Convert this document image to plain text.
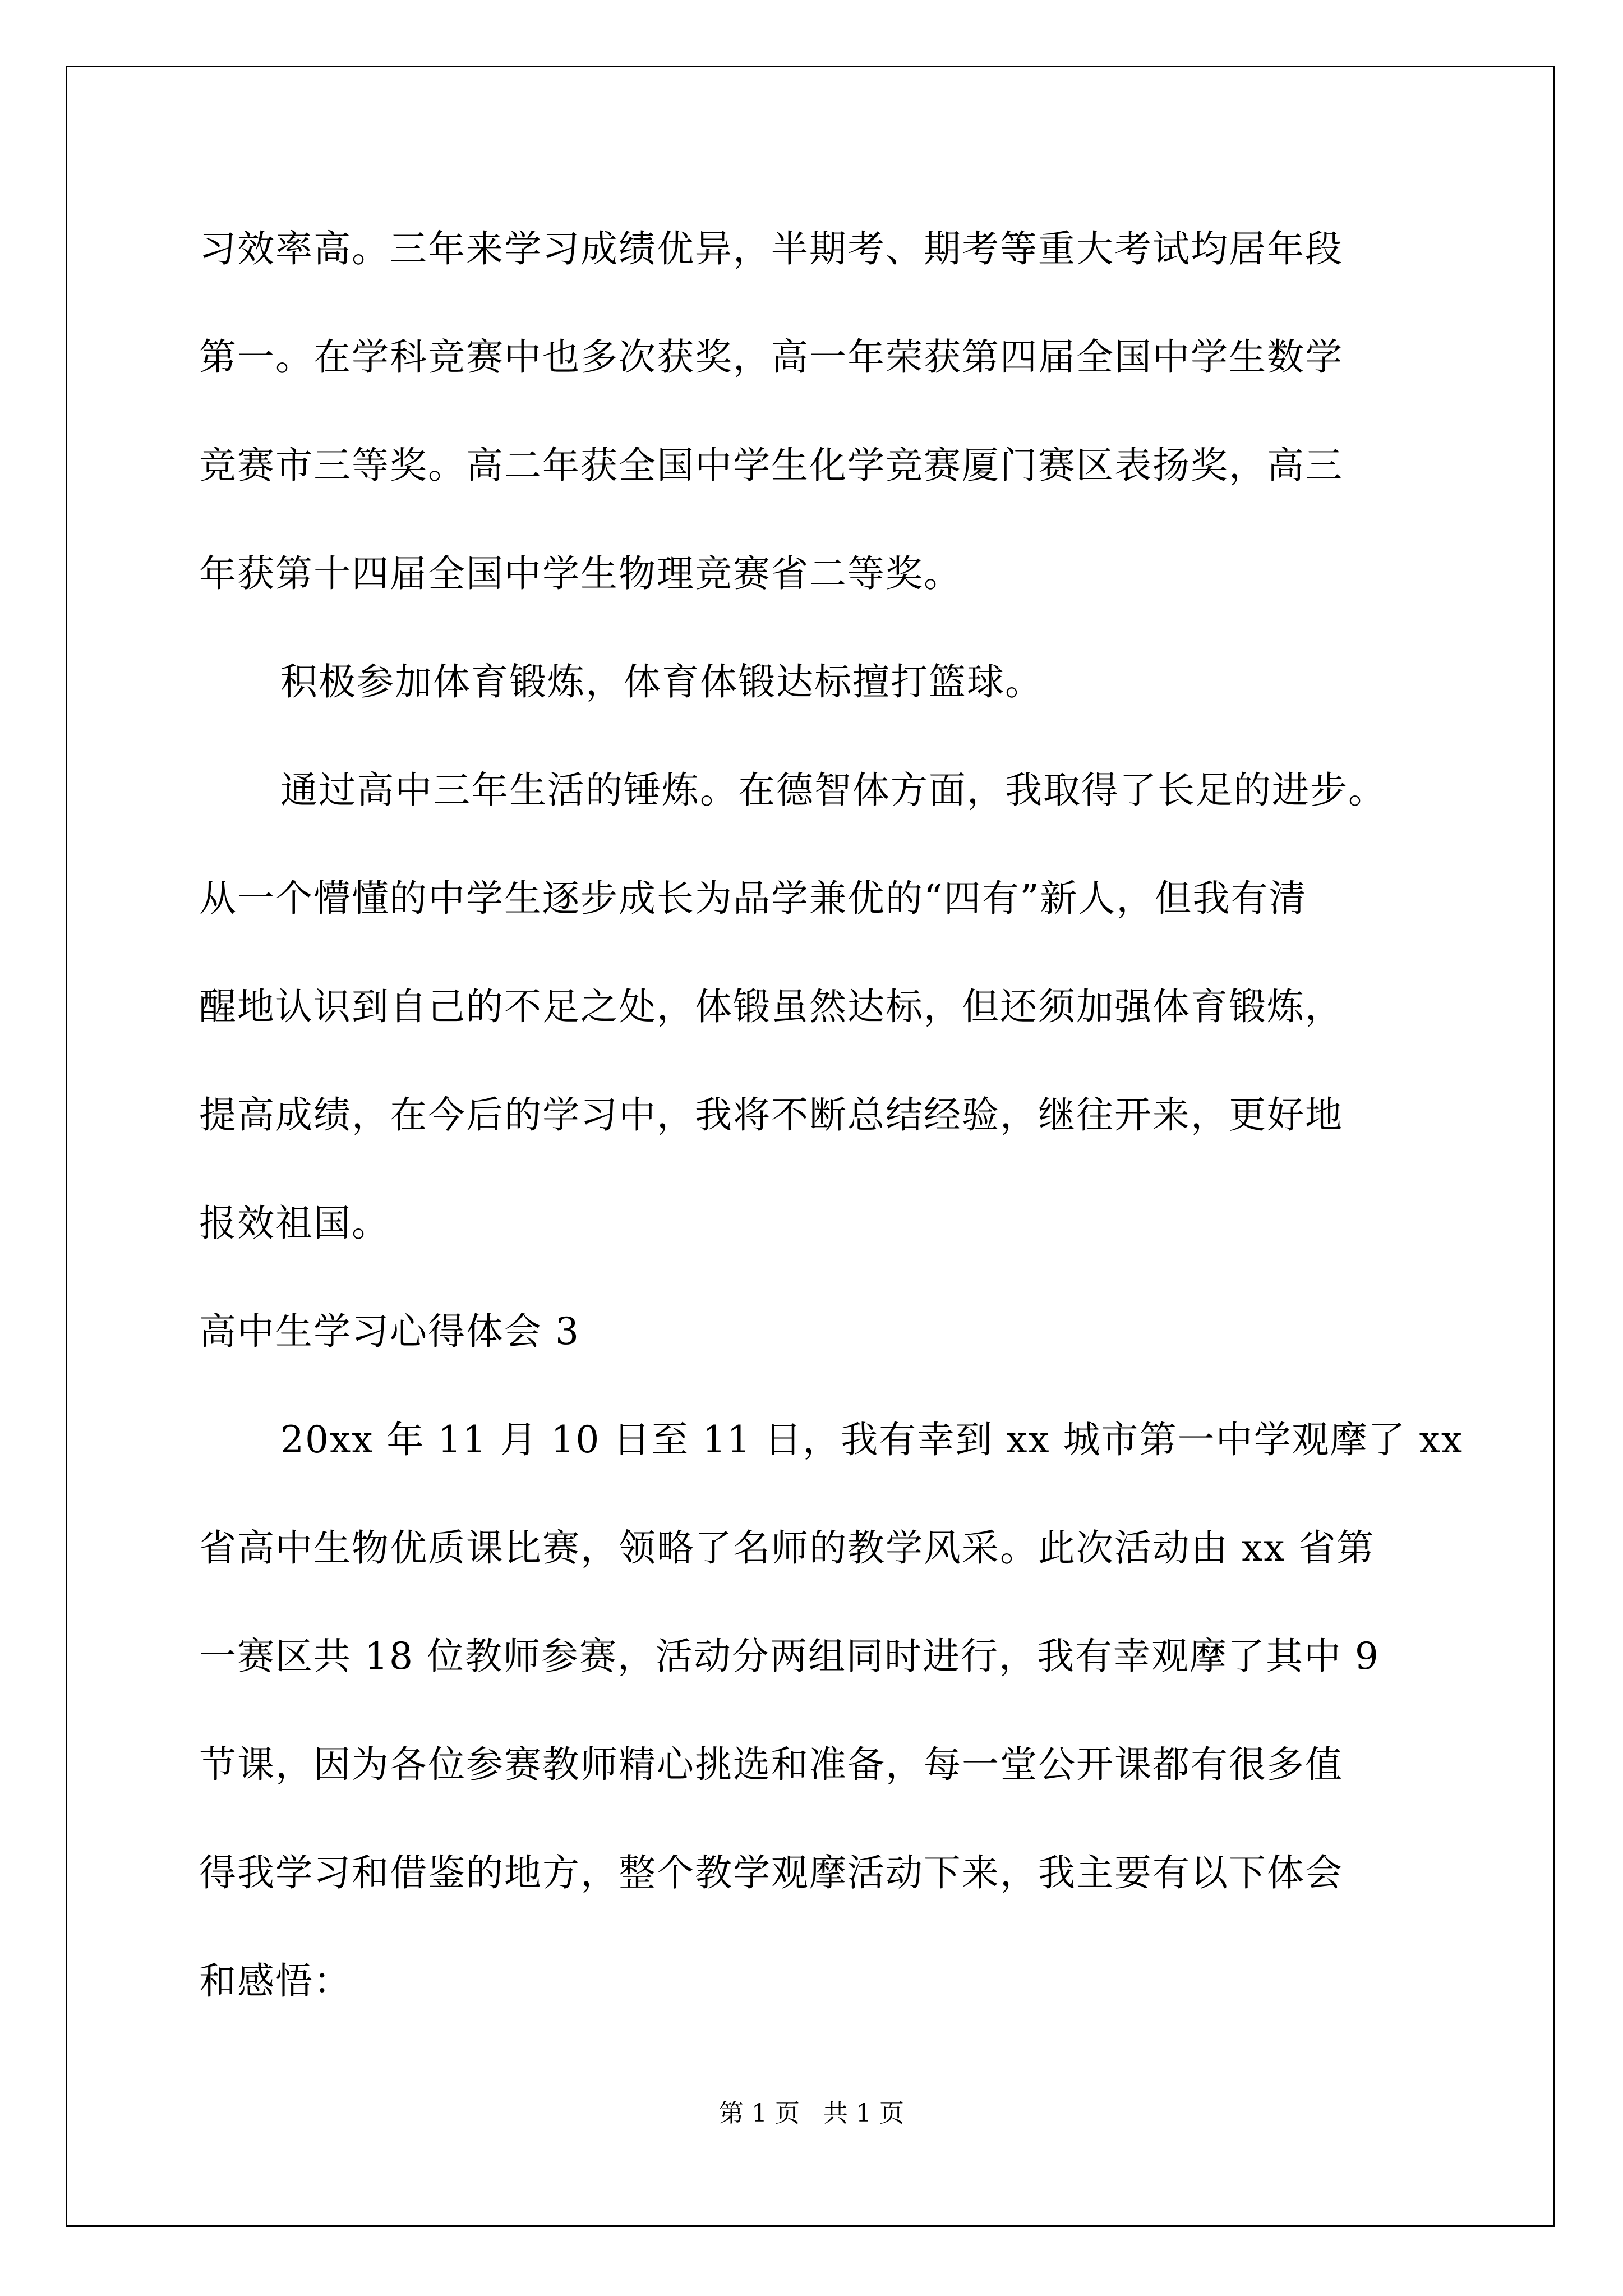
习效率高。三年来学习成绩优异，半期考、期考等重大考试均居年段
第一。在学科竞赛中也多次获奖，高一年荣获第四届全国中学生数学
竞赛市三等奖。高二年获全国中学生化学竞赛厦门赛区表扬奖，高三
年获第十四届全国中学生物理竞赛省二等奖。
积极参加体育锻炼，体育体锻达标擅打篮球。
通过高中三年生活的锤炼。在德智体方面，我取得了长足的进步。
从一个懵懂的中学生逐步成长为品学兼优的“四有”新人，但我有清
醒地认识到自己的不足之处，体锻虽然达标，但还须加强体育锻炼，
提高成绩，在今后的学习中，我将不断总结经验，继往开来，更好地
报效祖国。
高中生学习心得体会 3
20xx 年 11 月 10 日至 11 日，我有幸到 xx 城市第一中学观摩了 xx
省高中生物优质课比赛，领略了名师的教学风采。此次活动由 xx 省第
一赛区共 18 位教师参赛，活动分两组同时进行，我有幸观摩了其中 9
节课，因为各位参赛教师精心挑选和准备，每一堂公开课都有很多值
得我学习和借鉴的地方，整个教学观摩活动下来，我主要有以下体会
和感悟：
第 1 页   共 1 页
